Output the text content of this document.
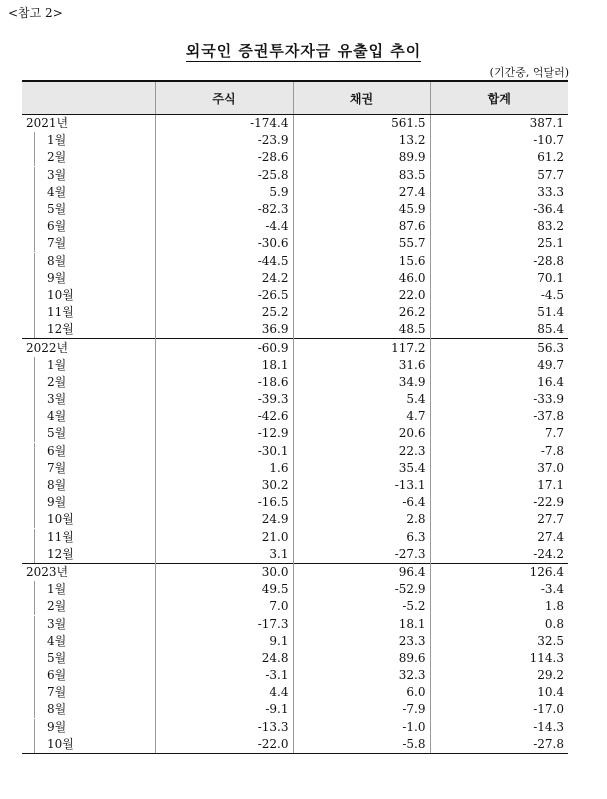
<참고 2>
외국인 증권투자자금 유출입 추이
(기간중, 억달러)
	주식	채권	합계
2021년	-174.4	561.5	387.1
1월	-23.9	13.2	-10.7
2월	-28.6	89.9	61.2
3월	-25.8	83.5	57.7
4월	5.9	27.4	33.3
5월	-82.3	45.9	-36.4
6월	-4.4	87.6	83.2
7월	-30.6	55.7	25.1
8월	-44.5	15.6	-28.8
9월	24.2	46.0	70.1
10월	-26.5	22.0	-4.5
11월	25.2	26.2	51.4
12월	36.9	48.5	85.4
2022년	-60.9	117.2	56.3
1월	18.1	31.6	49.7
2월	-18.6	34.9	16.4
3월	-39.3	5.4	-33.9
4월	-42.6	4.7	-37.8
5월	-12.9	20.6	7.7
6월	-30.1	22.3	-7.8
7월	1.6	35.4	37.0
8월	30.2	-13.1	17.1
9월	-16.5	-6.4	-22.9
10월	24.9	2.8	27.7
11월	21.0	6.3	27.4
12월	3.1	-27.3	-24.2
2023년	30.0	96.4	126.4
1월	49.5	-52.9	-3.4
2월	7.0	-5.2	1.8
3월	-17.3	18.1	0.8
4월	9.1	23.3	32.5
5월	24.8	89.6	114.3
6월	-3.1	32.3	29.2
7월	4.4	6.0	10.4
8월	-9.1	-7.9	-17.0
9월	-13.3	-1.0	-14.3
10월	-22.0	-5.8	-27.8
